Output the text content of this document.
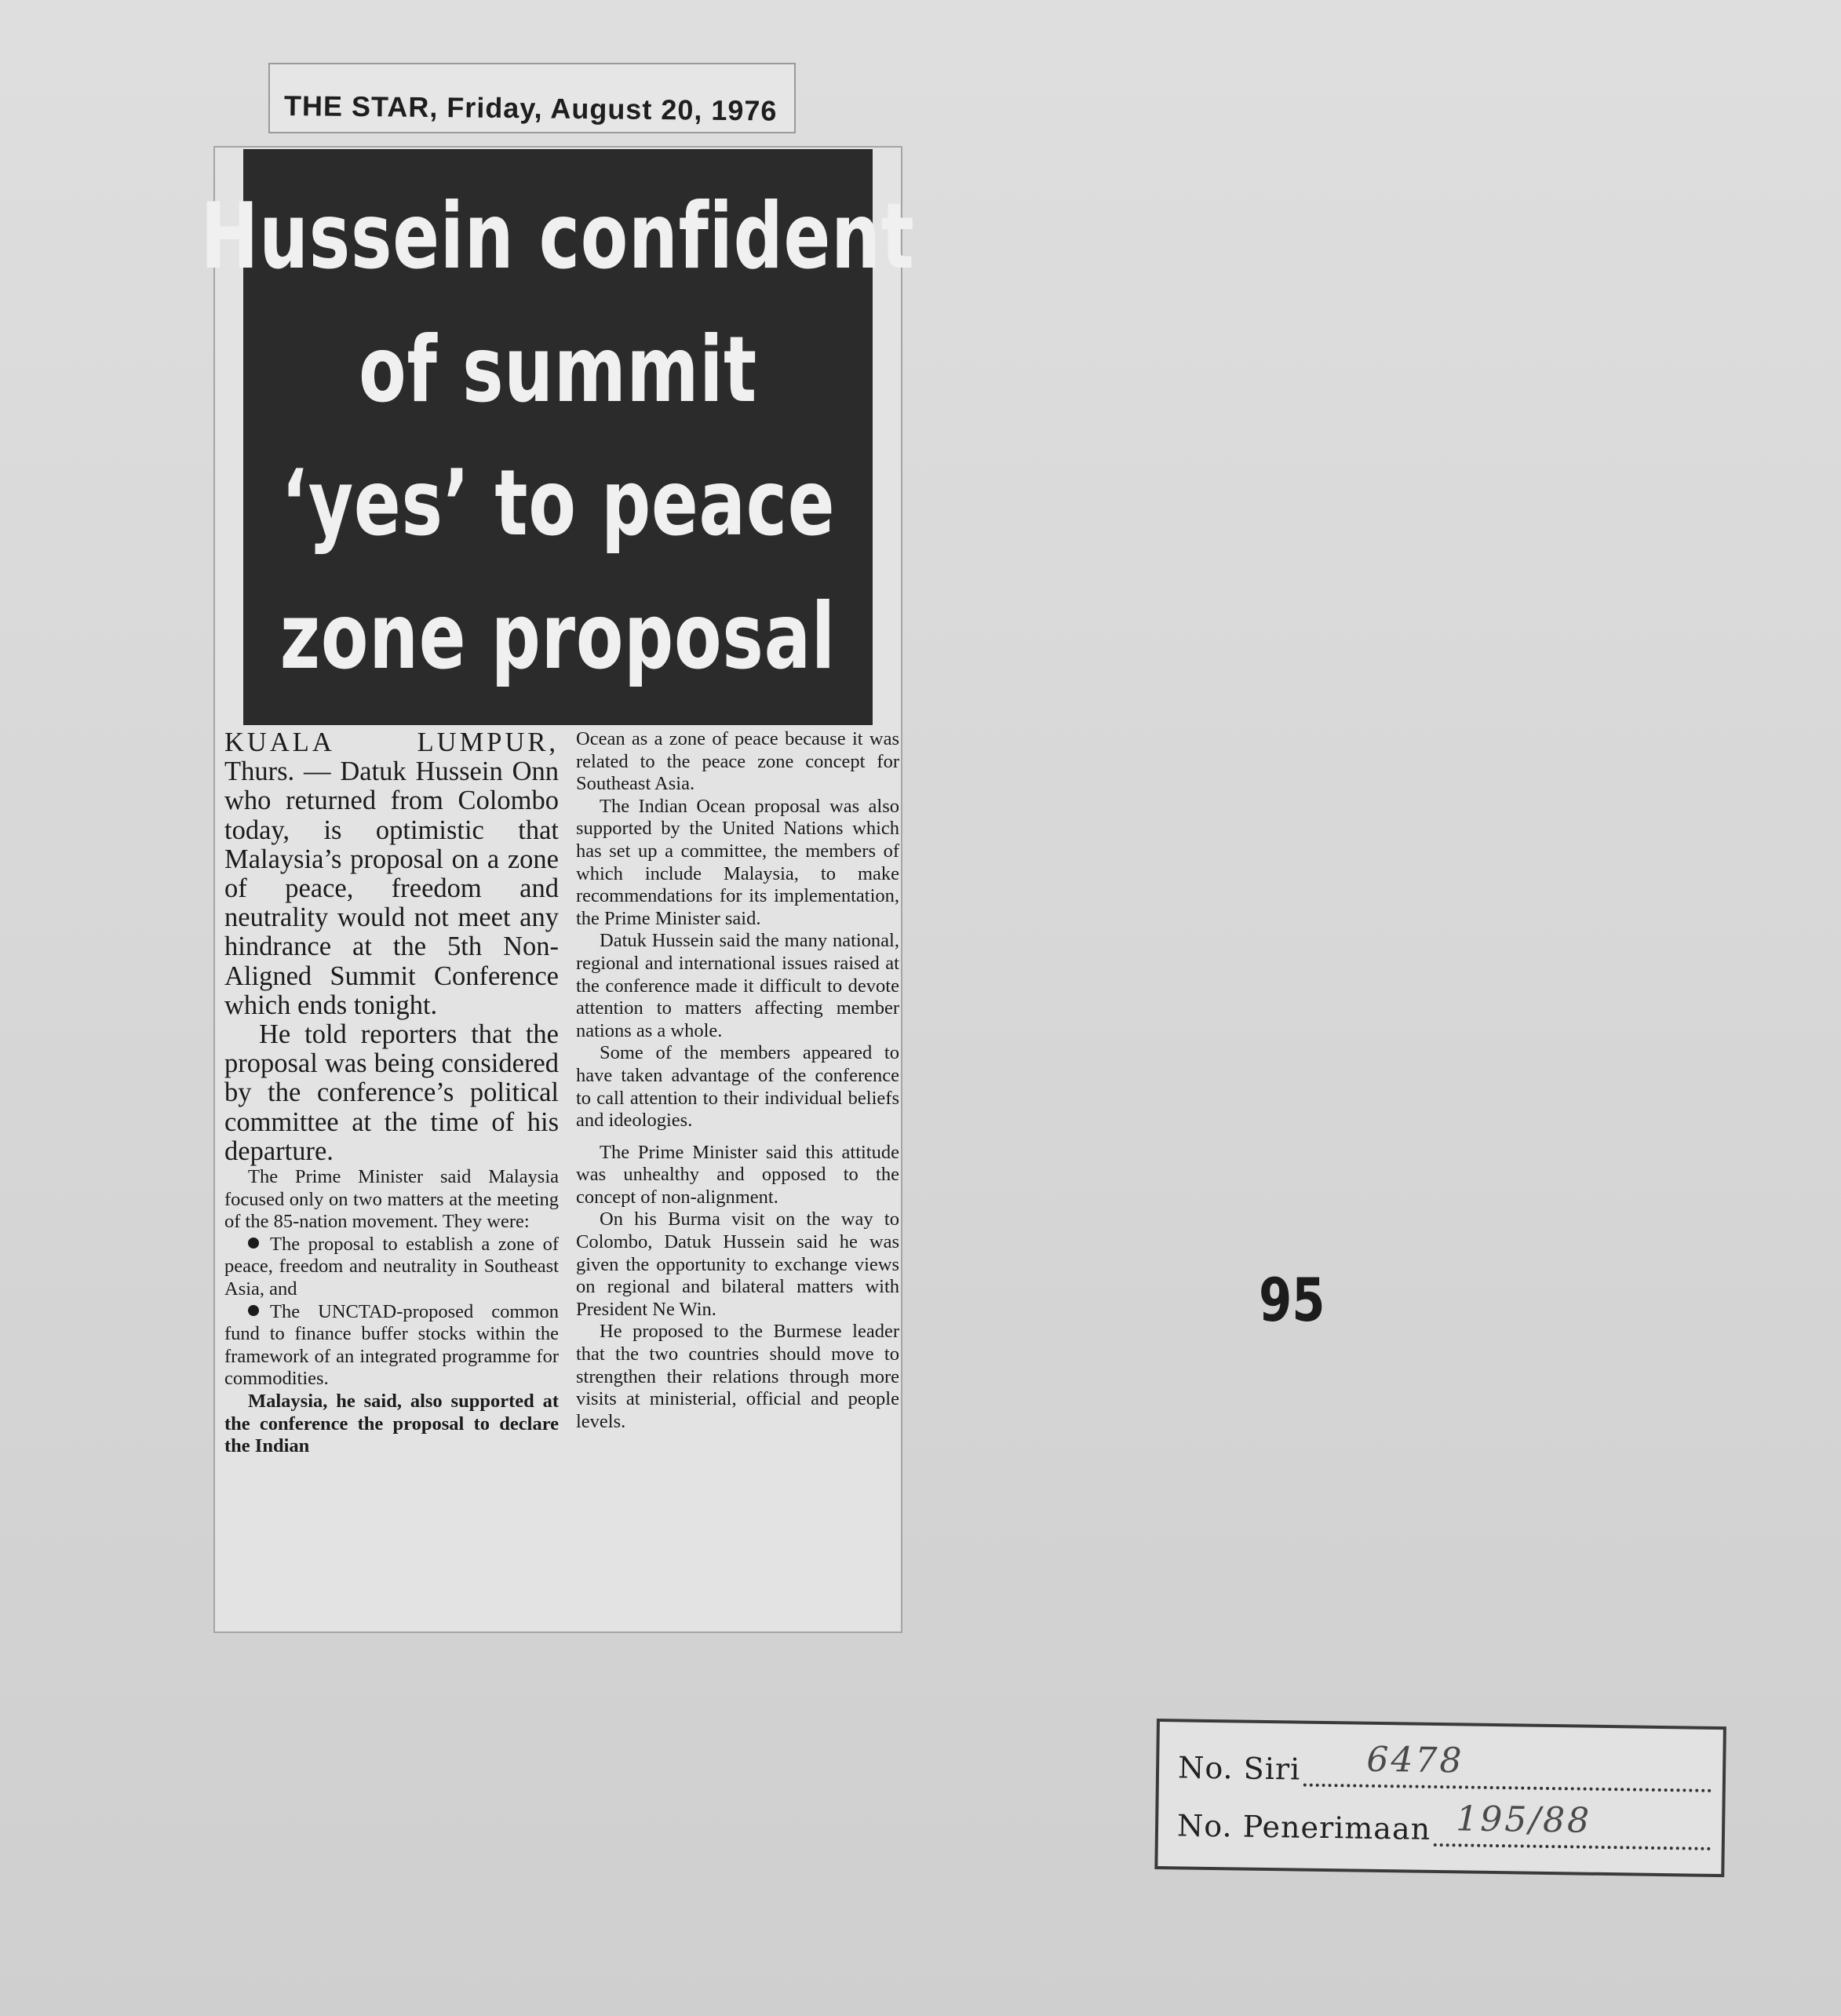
THE STAR, Friday, August 20, 1976
Hussein confident
of summit
‘yes’ to peace
zone proposal

KUALA LUMPUR, Thurs. — Datuk Hussein Onn who returned from Colombo today, is optimistic that Malaysia’s proposal on a zone of peace, freedom and neutrality would not meet any hindrance at the 5th Non-Aligned Summit Conference which ends tonight.

He told reporters that the proposal was being considered by the conference’s political committee at the time of his departure.

The Prime Minister said Malaysia focused only on two matters at the meeting of the 85-nation movement. They were:

The proposal to establish a zone of peace, freedom and neutrality in Southeast Asia, and

The UNCTAD-proposed common fund to finance buffer stocks within the framework of an integrated programme for commodities.

Malaysia, he said, also supported at the conference the proposal to declare the Indian

Ocean as a zone of peace because it was related to the peace zone concept for Southeast Asia.

The Indian Ocean proposal was also supported by the United Nations which has set up a committee, the members of which include Malaysia, to make recommendations for its implementation, the Prime Minister said.

Datuk Hussein said the many national, regional and international issues raised at the conference made it difficult to devote attention to matters affecting member nations as a whole.

Some of the members appeared to have taken advantage of the conference to call attention to their individual beliefs and ideologies.

The Prime Minister said this attitude was unhealthy and opposed to the concept of non-alignment.

On his Burma visit on the way to Colombo, Datuk Hussein said he was given the opportunity to exchange views on regional and bilateral matters with President Ne Win.

He proposed to the Burmese leader that the two countries should move to strengthen their relations through more visits at ministerial, official and people levels.

95
No. Siri 6478
No. Penerimaan 195/88
